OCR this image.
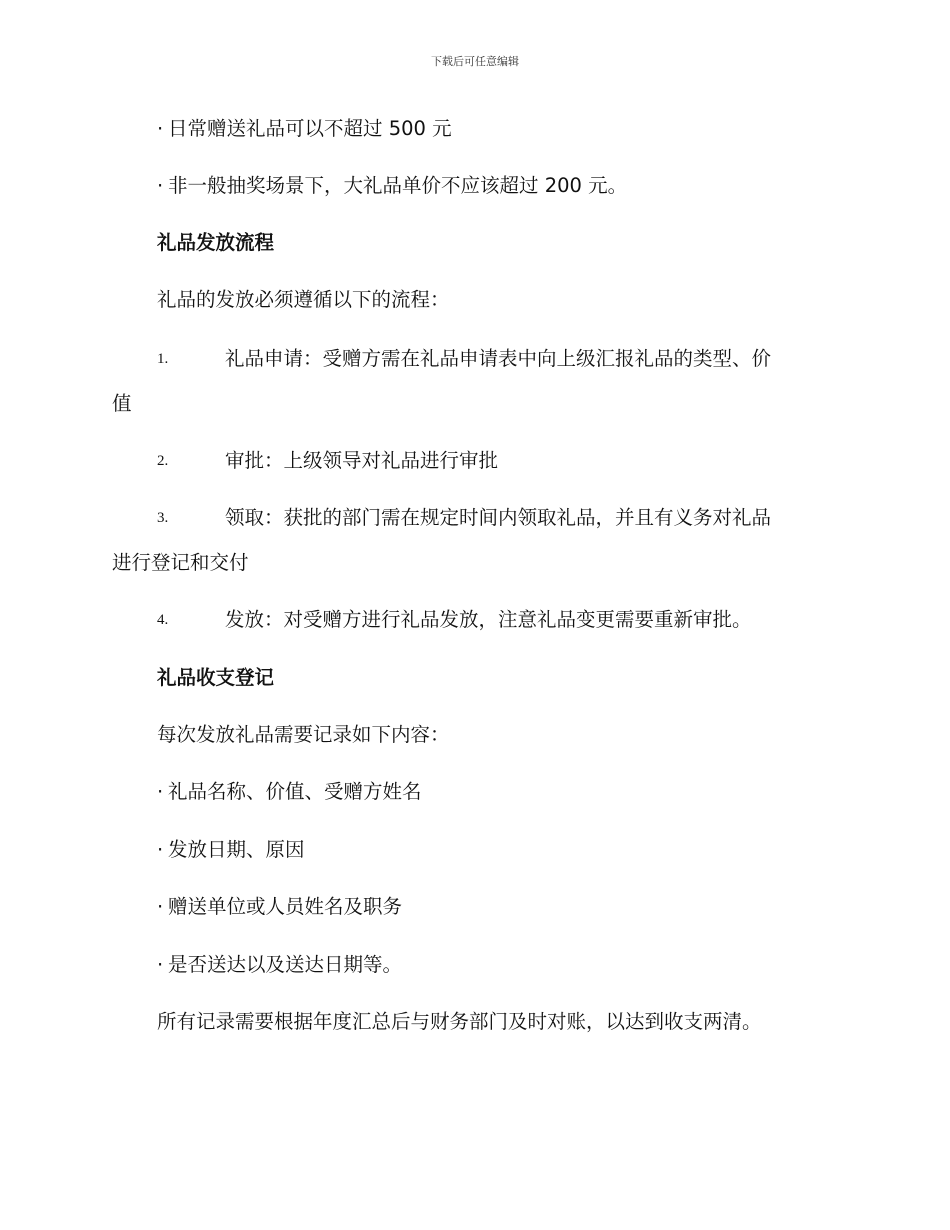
下载后可任意编辑
· 日常赠送礼品可以不超过 500 元
· 非一般抽奖场景下，大礼品单价不应该超过 200 元。
礼品发放流程
礼品的发放必须遵循以下的流程：
1.	礼品申请：受赠方需在礼品申请表中向上级汇报礼品的类型、价
值
2.	审批：上级领导对礼品进行审批
3.	领取：获批的部门需在规定时间内领取礼品，并且有义务对礼品
进行登记和交付
4.	发放：对受赠方进行礼品发放，注意礼品变更需要重新审批。
礼品收支登记
每次发放礼品需要记录如下内容：
· 礼品名称、价值、受赠方姓名
· 发放日期、原因
· 赠送单位或人员姓名及职务
· 是否送达以及送达日期等。
所有记录需要根据年度汇总后与财务部门及时对账，以达到收支两清。
